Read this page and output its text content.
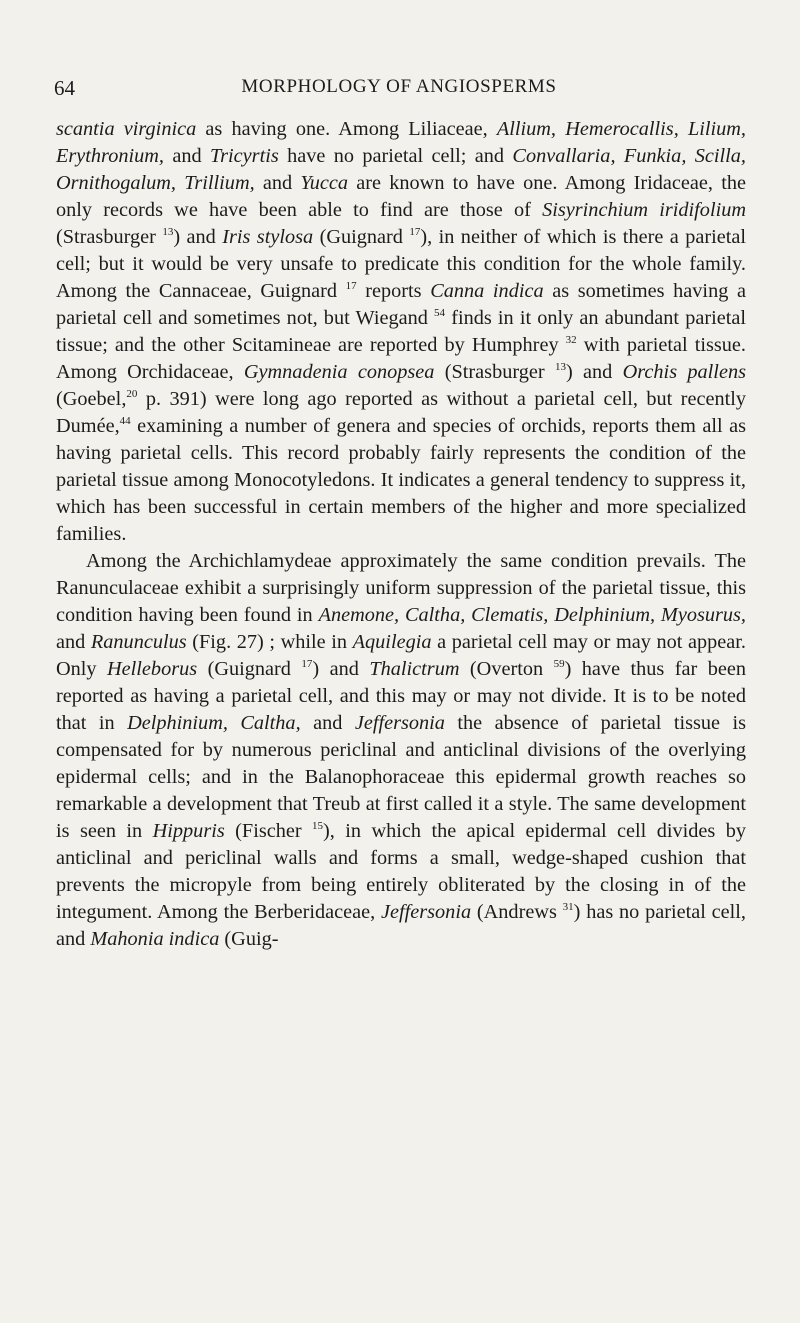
64	MORPHOLOGY OF ANGIOSPERMS

scantia virginica as having one. Among Liliaceae, Allium, Hemerocallis, Lilium, Erythronium, and Tricyrtis have no parietal cell; and Convallaria, Funkia, Scilla, Ornithogalum, Trillium, and Yucca are known to have one. Among Iridaceae, the only records we have been able to find are those of Sisyrinchium iridifolium (Strasburger $^{13}$) and Iris stylosa (Guignard $^{17}$), in neither of which is there a parietal cell; but it would be very unsafe to predicate this condition for the whole family. Among the Cannaceae, Guignard $^{17}$ reports Canna indica as sometimes having a parietal cell and sometimes not, but Wiegand $^{54}$ finds in it only an abundant parietal tissue; and the other Scitamineae are reported by Humphrey $^{32}$ with parietal tissue. Among Orchidaceae, Gymnadenia conopsea (Strasburger $^{13}$) and Orchis pallens (Goebel,$^{20}$ p. 391) were long ago reported as without a parietal cell, but recently Dumée,$^{44}$ examining a number of genera and species of orchids, reports them all as having parietal cells. This record probably fairly represents the condition of the parietal tissue among Monocotyledons. It indicates a general tendency to suppress it, which has been successful in certain members of the higher and more specialized families.

Among the Archichlamydeae approximately the same condition prevails. The Ranunculaceae exhibit a surprisingly uniform suppression of the parietal tissue, this condition having been found in Anemone, Caltha, Clematis, Delphinium, Myosurus, and Ranunculus (Fig. 27) ; while in Aquilegia a parietal cell may or may not appear. Only Helleborus (Guignard $^{17}$) and Thalictrum (Overton $^{59}$) have thus far been reported as having a parietal cell, and this may or may not divide. It is to be noted that in Delphinium, Caltha, and Jeffersonia the absence of parietal tissue is compensated for by numerous periclinal and anticlinal divisions of the overlying epidermal cells; and in the Balanophoraceae this epidermal growth reaches so remarkable a development that Treub at first called it a style. The same development is seen in Hippuris (Fischer $^{15}$), in which the apical epidermal cell divides by anticlinal and periclinal walls and forms a small, wedge-shaped cushion that prevents the micropyle from being entirely obliterated by the closing in of the integument. Among the Berberidaceae, Jeffersonia (Andrews $^{31}$) has no parietal cell, and Mahonia indica (Guig-
